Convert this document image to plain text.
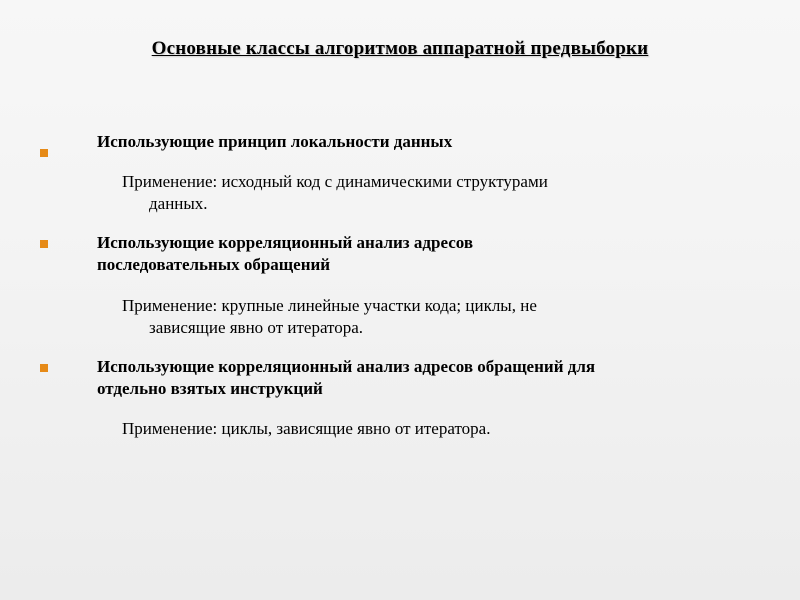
Основные классы алгоритмов аппаратной предвыборки
Использующие принцип локальности данных
Применение: исходный код с динамическими структурами
данных.
Использующие корреляционный анализ адресов
последовательных обращений
Применение: крупные линейные участки кода; циклы, не
зависящие явно от итератора.
Использующие корреляционный анализ адресов обращений для
отдельно взятых инструкций
Применение: циклы, зависящие явно от итератора.
